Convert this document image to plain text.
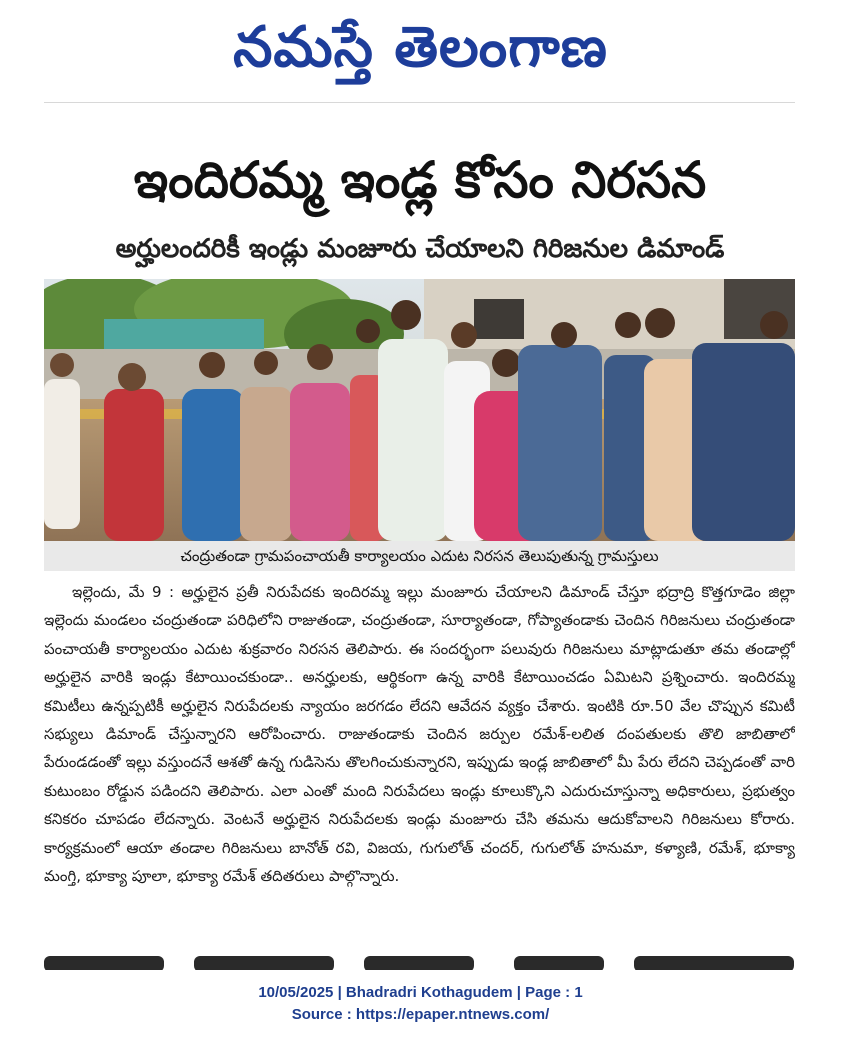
నమస్తే తెలంగాణ
ఇందిరమ్మ ఇండ్ల కోసం నిరసన
అర్హులందరికీ ఇండ్లు మంజూరు చేయాలని గిరిజనుల డిమాండ్
చంద్రుతండా గ్రామపంచాయతీ కార్యాలయం ఎదుట నిరసన తెలుపుతున్న గ్రామస్తులు

ఇల్లెందు, మే 9 : అర్హులైన ప్రతీ నిరుపేదకు ఇందిరమ్మ ఇల్లు మంజూరు చేయాలని డిమాండ్ చేస్తూ భద్రాద్రి కొత్తగూడెం జిల్లా ఇల్లెందు మండలం చంద్రుతండా పరిధిలోని రాజుతండా, చంద్రుతండా, సూర్యాతండా, గోప్యాతండాకు చెందిన గిరిజనులు చంద్రుతండా పంచాయతీ కార్యాలయం ఎదుట శుక్రవారం నిరసన తెలిపారు. ఈ సందర్భంగా పలువురు గిరిజనులు మాట్లాడుతూ తమ తండాల్లో అర్హులైన వారికి ఇండ్లు కేటాయించకుండా.. అనర్హులకు, ఆర్థికంగా ఉన్న వారికి కేటాయించడం ఏమిటని ప్రశ్నించారు. ఇందిరమ్మ కమిటీలు ఉన్నప్పటికీ అర్హులైన నిరుపేదలకు న్యాయం జరగడం లేదని ఆవేదన వ్యక్తం చేశారు. ఇంటికి రూ.50 వేల చొప్పున కమిటీ సభ్యులు డిమాండ్ చేస్తున్నారని ఆరోపించారు. రాజుతండాకు చెందిన జర్పుల రమేశ్-లలిత దంపతులకు తొలి జాబితాలో పేరుండడంతో ఇల్లు వస్తుందనే ఆశతో ఉన్న గుడిసెను తొలగించుకున్నారని, ఇప్పుడు ఇండ్ల జాబితాలో మీ పేరు లేదని చెప్పడంతో వారి కుటుంబం రోడ్డున పడిందని తెలిపారు. ఎలా ఎంతో మంది నిరుపేదలు ఇండ్లు కూలుక్కొని ఎదురుచూస్తున్నా అధికారులు, ప్రభుత్వం కనికరం చూపడం లేదన్నారు. వెంటనే అర్హులైన నిరుపేదలకు ఇండ్లు మంజూరు చేసి తమను ఆదుకోవాలని గిరిజనులు కోరారు. కార్యక్రమంలో ఆయా తండాల గిరిజనులు బానోత్ రవి, విజయ, గుగులోత్ చందర్, గుగులోత్ హనుమా, కళ్యాణి, రమేశ్, భూక్యా మంగ్తి, భూక్యా పూలా, భూక్యా రమేశ్ తదితరులు పాల్గొన్నారు.

10/05/2025 | Bhadradri Kothagudem | Page : 1
Source : https://epaper.ntnews.com/
